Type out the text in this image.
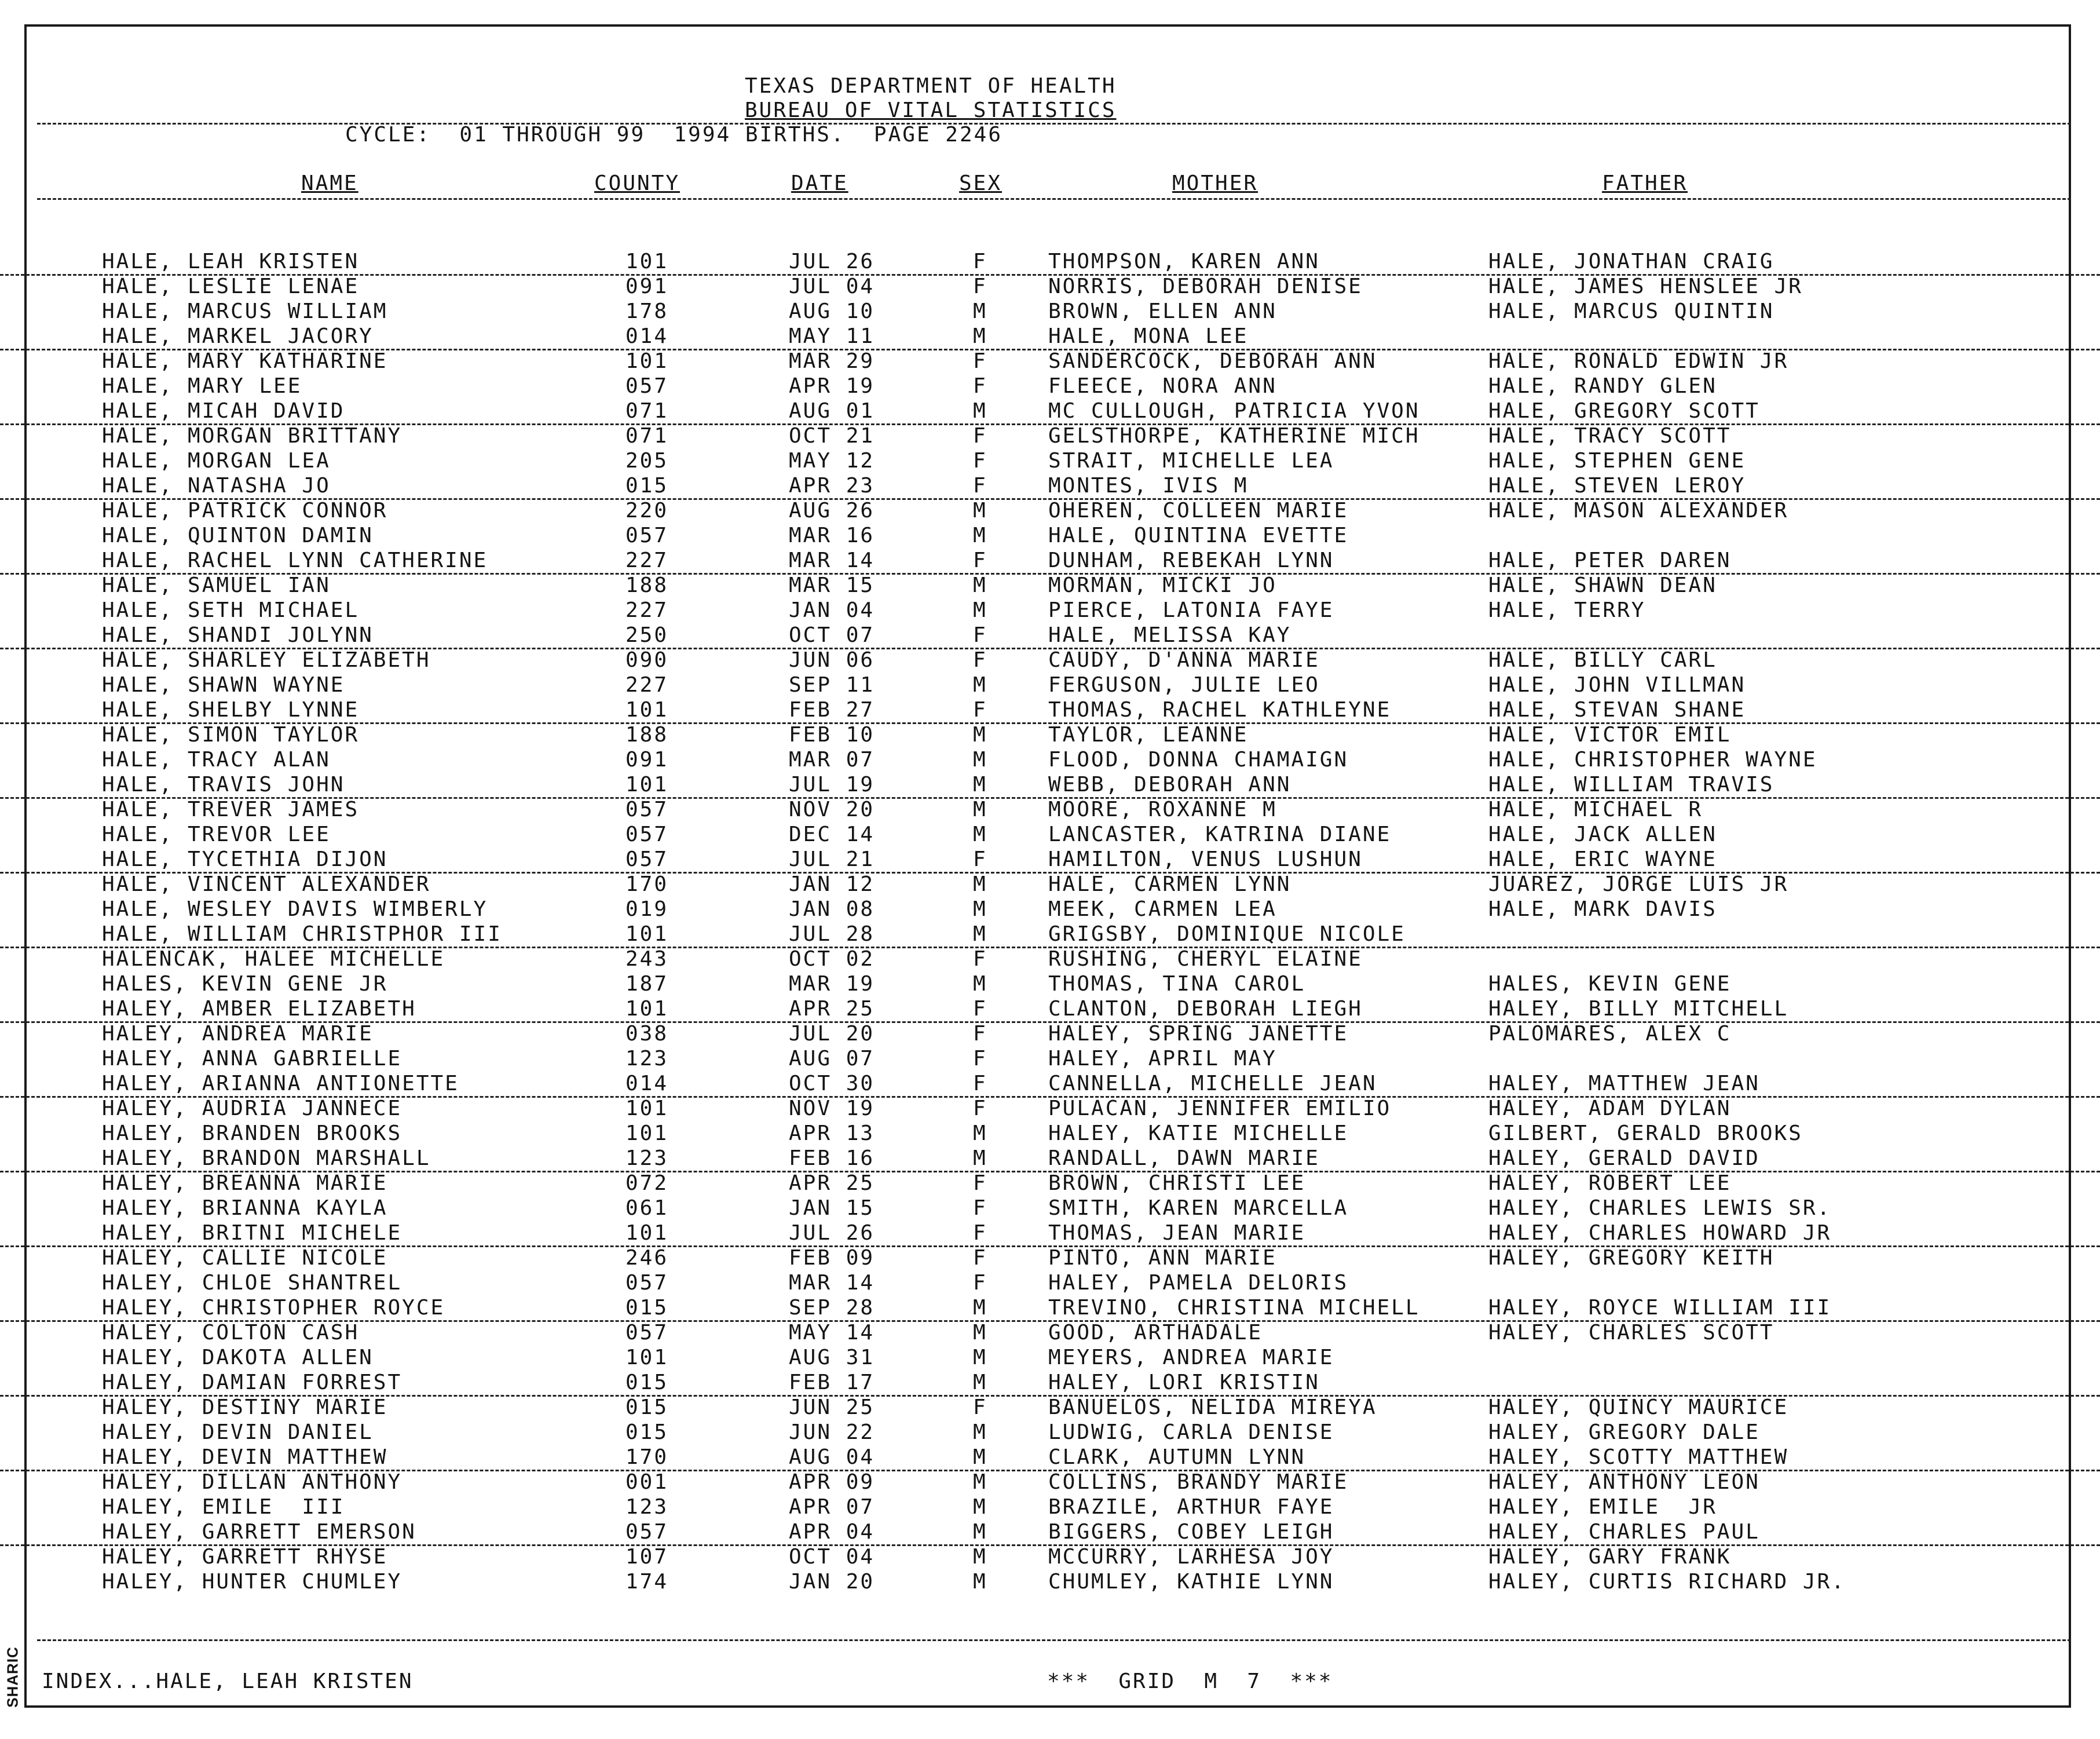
SHARIC
TEXAS DEPARTMENT OF HEALTH
BUREAU OF VITAL STATISTICS
CYCLE:  01 THROUGH 99  1994 BIRTHS.  PAGE 2246
NAME	COUNTY	DATE	SEX	MOTHER	FATHER
HALE, LEAH KRISTEN	101	JUL 26	F	THOMPSON, KAREN ANN	HALE, JONATHAN CRAIG
HALE, LESLIE LENAE	091	JUL 04	F	NORRIS, DEBORAH DENISE	HALE, JAMES HENSLEE JR
HALE, MARCUS WILLIAM	178	AUG 10	M	BROWN, ELLEN ANN	HALE, MARCUS QUINTIN
HALE, MARKEL JACORY	014	MAY 11	M	HALE, MONA LEE
HALE, MARY KATHARINE	101	MAR 29	F	SANDERCOCK, DEBORAH ANN	HALE, RONALD EDWIN JR
HALE, MARY LEE	057	APR 19	F	FLEECE, NORA ANN	HALE, RANDY GLEN
HALE, MICAH DAVID	071	AUG 01	M	MC CULLOUGH, PATRICIA YVON	HALE, GREGORY SCOTT
HALE, MORGAN BRITTANY	071	OCT 21	F	GELSTHORPE, KATHERINE MICH	HALE, TRACY SCOTT
HALE, MORGAN LEA	205	MAY 12	F	STRAIT, MICHELLE LEA	HALE, STEPHEN GENE
HALE, NATASHA JO	015	APR 23	F	MONTES, IVIS M	HALE, STEVEN LEROY
HALE, PATRICK CONNOR	220	AUG 26	M	OHEREN, COLLEEN MARIE	HALE, MASON ALEXANDER
HALE, QUINTON DAMIN	057	MAR 16	M	HALE, QUINTINA EVETTE
HALE, RACHEL LYNN CATHERINE	227	MAR 14	F	DUNHAM, REBEKAH LYNN	HALE, PETER DAREN
HALE, SAMUEL IAN	188	MAR 15	M	MORMAN, MICKI JO	HALE, SHAWN DEAN
HALE, SETH MICHAEL	227	JAN 04	M	PIERCE, LATONIA FAYE	HALE, TERRY
HALE, SHANDI JOLYNN	250	OCT 07	F	HALE, MELISSA KAY
HALE, SHARLEY ELIZABETH	090	JUN 06	F	CAUDY, D'ANNA MARIE	HALE, BILLY CARL
HALE, SHAWN WAYNE	227	SEP 11	M	FERGUSON, JULIE LEO	HALE, JOHN VILLMAN
HALE, SHELBY LYNNE	101	FEB 27	F	THOMAS, RACHEL KATHLEYNE	HALE, STEVAN SHANE
HALE, SIMON TAYLOR	188	FEB 10	M	TAYLOR, LEANNE	HALE, VICTOR EMIL
HALE, TRACY ALAN	091	MAR 07	M	FLOOD, DONNA CHAMAIGN	HALE, CHRISTOPHER WAYNE
HALE, TRAVIS JOHN	101	JUL 19	M	WEBB, DEBORAH ANN	HALE, WILLIAM TRAVIS
HALE, TREVER JAMES	057	NOV 20	M	MOORE, ROXANNE M	HALE, MICHAEL R
HALE, TREVOR LEE	057	DEC 14	M	LANCASTER, KATRINA DIANE	HALE, JACK ALLEN
HALE, TYCETHIA DIJON	057	JUL 21	F	HAMILTON, VENUS LUSHUN	HALE, ERIC WAYNE
HALE, VINCENT ALEXANDER	170	JAN 12	M	HALE, CARMEN LYNN	JUAREZ, JORGE LUIS JR
HALE, WESLEY DAVIS WIMBERLY	019	JAN 08	M	MEEK, CARMEN LEA	HALE, MARK DAVIS
HALE, WILLIAM CHRISTPHOR III	101	JUL 28	M	GRIGSBY, DOMINIQUE NICOLE
HALENCAK, HALEE MICHELLE	243	OCT 02	F	RUSHING, CHERYL ELAINE
HALES, KEVIN GENE JR	187	MAR 19	M	THOMAS, TINA CAROL	HALES, KEVIN GENE
HALEY, AMBER ELIZABETH	101	APR 25	F	CLANTON, DEBORAH LIEGH	HALEY, BILLY MITCHELL
HALEY, ANDREA MARIE	038	JUL 20	F	HALEY, SPRING JANETTE	PALOMARES, ALEX C
HALEY, ANNA GABRIELLE	123	AUG 07	F	HALEY, APRIL MAY
HALEY, ARIANNA ANTIONETTE	014	OCT 30	F	CANNELLA, MICHELLE JEAN	HALEY, MATTHEW JEAN
HALEY, AUDRIA JANNECE	101	NOV 19	F	PULACAN, JENNIFER EMILIO	HALEY, ADAM DYLAN
HALEY, BRANDEN BROOKS	101	APR 13	M	HALEY, KATIE MICHELLE	GILBERT, GERALD BROOKS
HALEY, BRANDON MARSHALL	123	FEB 16	M	RANDALL, DAWN MARIE	HALEY, GERALD DAVID
HALEY, BREANNA MARIE	072	APR 25	F	BROWN, CHRISTI LEE	HALEY, ROBERT LEE
HALEY, BRIANNA KAYLA	061	JAN 15	F	SMITH, KAREN MARCELLA	HALEY, CHARLES LEWIS SR.
HALEY, BRITNI MICHELE	101	JUL 26	F	THOMAS, JEAN MARIE	HALEY, CHARLES HOWARD JR
HALEY, CALLIE NICOLE	246	FEB 09	F	PINTO, ANN MARIE	HALEY, GREGORY KEITH
HALEY, CHLOE SHANTREL	057	MAR 14	F	HALEY, PAMELA DELORIS
HALEY, CHRISTOPHER ROYCE	015	SEP 28	M	TREVINO, CHRISTINA MICHELL	HALEY, ROYCE WILLIAM III
HALEY, COLTON CASH	057	MAY 14	M	GOOD, ARTHADALE	HALEY, CHARLES SCOTT
HALEY, DAKOTA ALLEN	101	AUG 31	M	MEYERS, ANDREA MARIE
HALEY, DAMIAN FORREST	015	FEB 17	M	HALEY, LORI KRISTIN
HALEY, DESTINY MARIE	015	JUN 25	F	BANUELOS, NELIDA MIREYA	HALEY, QUINCY MAURICE
HALEY, DEVIN DANIEL	015	JUN 22	M	LUDWIG, CARLA DENISE	HALEY, GREGORY DALE
HALEY, DEVIN MATTHEW	170	AUG 04	M	CLARK, AUTUMN LYNN	HALEY, SCOTTY MATTHEW
HALEY, DILLAN ANTHONY	001	APR 09	M	COLLINS, BRANDY MARIE	HALEY, ANTHONY LEON
HALEY, EMILE  III	123	APR 07	M	BRAZILE, ARTHUR FAYE	HALEY, EMILE  JR
HALEY, GARRETT EMERSON	057	APR 04	M	BIGGERS, COBEY LEIGH	HALEY, CHARLES PAUL
HALEY, GARRETT RHYSE	107	OCT 04	M	MCCURRY, LARHESA JOY	HALEY, GARY FRANK
HALEY, HUNTER CHUMLEY	174	JAN 20	M	CHUMLEY, KATHIE LYNN	HALEY, CURTIS RICHARD JR.
INDEX...HALE, LEAH KRISTEN	***  GRID  M  7  ***
